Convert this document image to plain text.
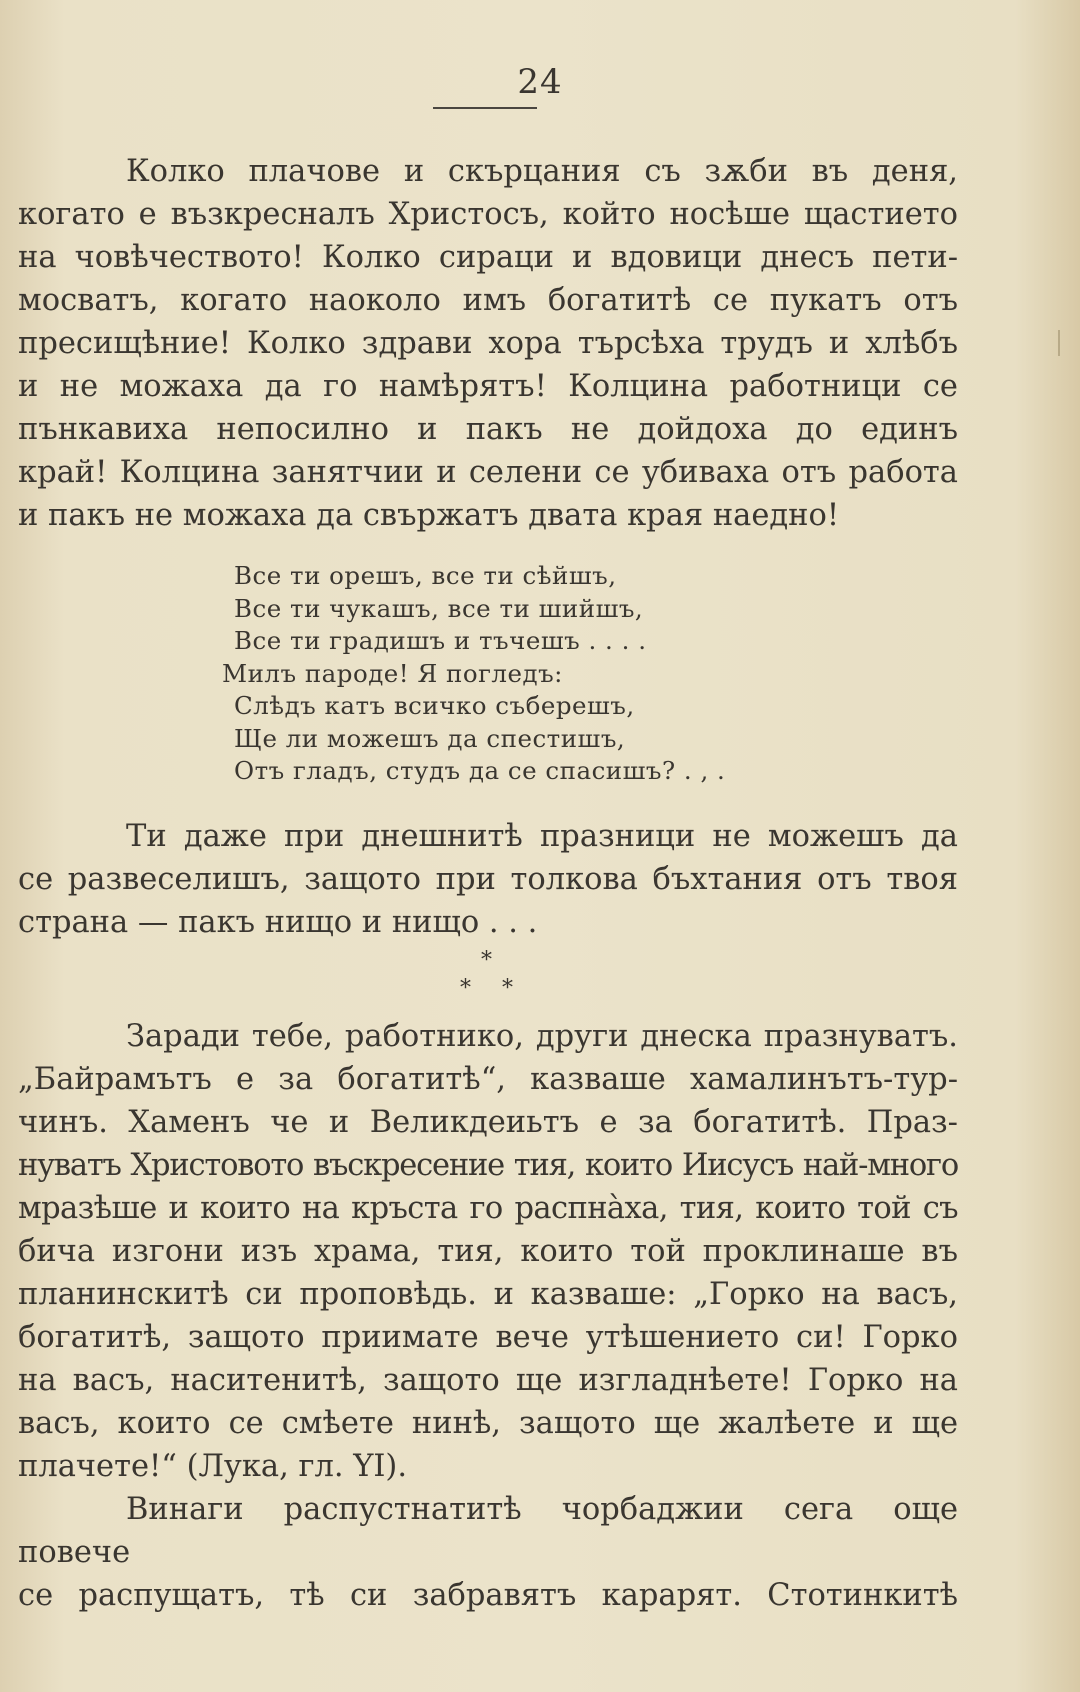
24

Колко плачове и скърцания съ зѫби въ деня,

когато е възкресналъ Христосъ, който носѣше щастието

на човѣчеството! Колко сираци и вдовици днесъ пети-

мосватъ, когато наоколо имъ богатитѣ се пукатъ отъ

пресищѣние! Колко здрави хора търсѣха трудъ и хлѣбъ

и не можаха да го намѣрятъ! Колцина работници се

пънкавиха непосилно и пакъ не дойдоха до единъ

край! Колцина занятчии и селени се убиваха отъ работа

и пакъ не можаха да свържатъ двата края наедно!

Все ти орешъ, все ти сѣйшъ,
Все ти чукашъ, все ти шийшъ,
Все ти градишъ и тъчешъ . . . .
Милъ пароде! Я погледъ:
Слѣдъ катъ всичко съберешъ,
Ще ли можешъ да спестишъ,
Отъ гладъ, студъ да се спасишъ? . , .

Ти даже при днешнитѣ празници не можешъ да

се развеселишъ, защото при толкова бъхтания отъ твоя

страна — пакъ нищо и нищо . . .

*
* *

Заради тебе, работнико, други днеска празнуватъ.

„Байрамътъ е за богатитѣ“, казваше хамалинътъ-тур-

чинъ. Хаменъ че и Великдеиьтъ е за богатитѣ. Праз-

нуватъ Христовото въскресение тия, които Иисусъ най-много

мразѣше и които на кръста го распнàха, тия, които той съ

бича изгони изъ храма, тия, които той проклинаше въ

планинскитѣ си проповѣдь. и казваше: „Горко на васъ,

богатитѣ, защото приимате вече утѣшението си! Горко

на васъ, наситенитѣ, защото ще изгладнѣете! Горко на

васъ, които се смѣете нинѣ, защото ще жалѣете и ще

плачете!“ (Лука, гл. YI).

Винаги распустнатитѣ чорбаджии сега още повече

се распущатъ, тѣ си забравятъ карарят. Стотинкитѣ
